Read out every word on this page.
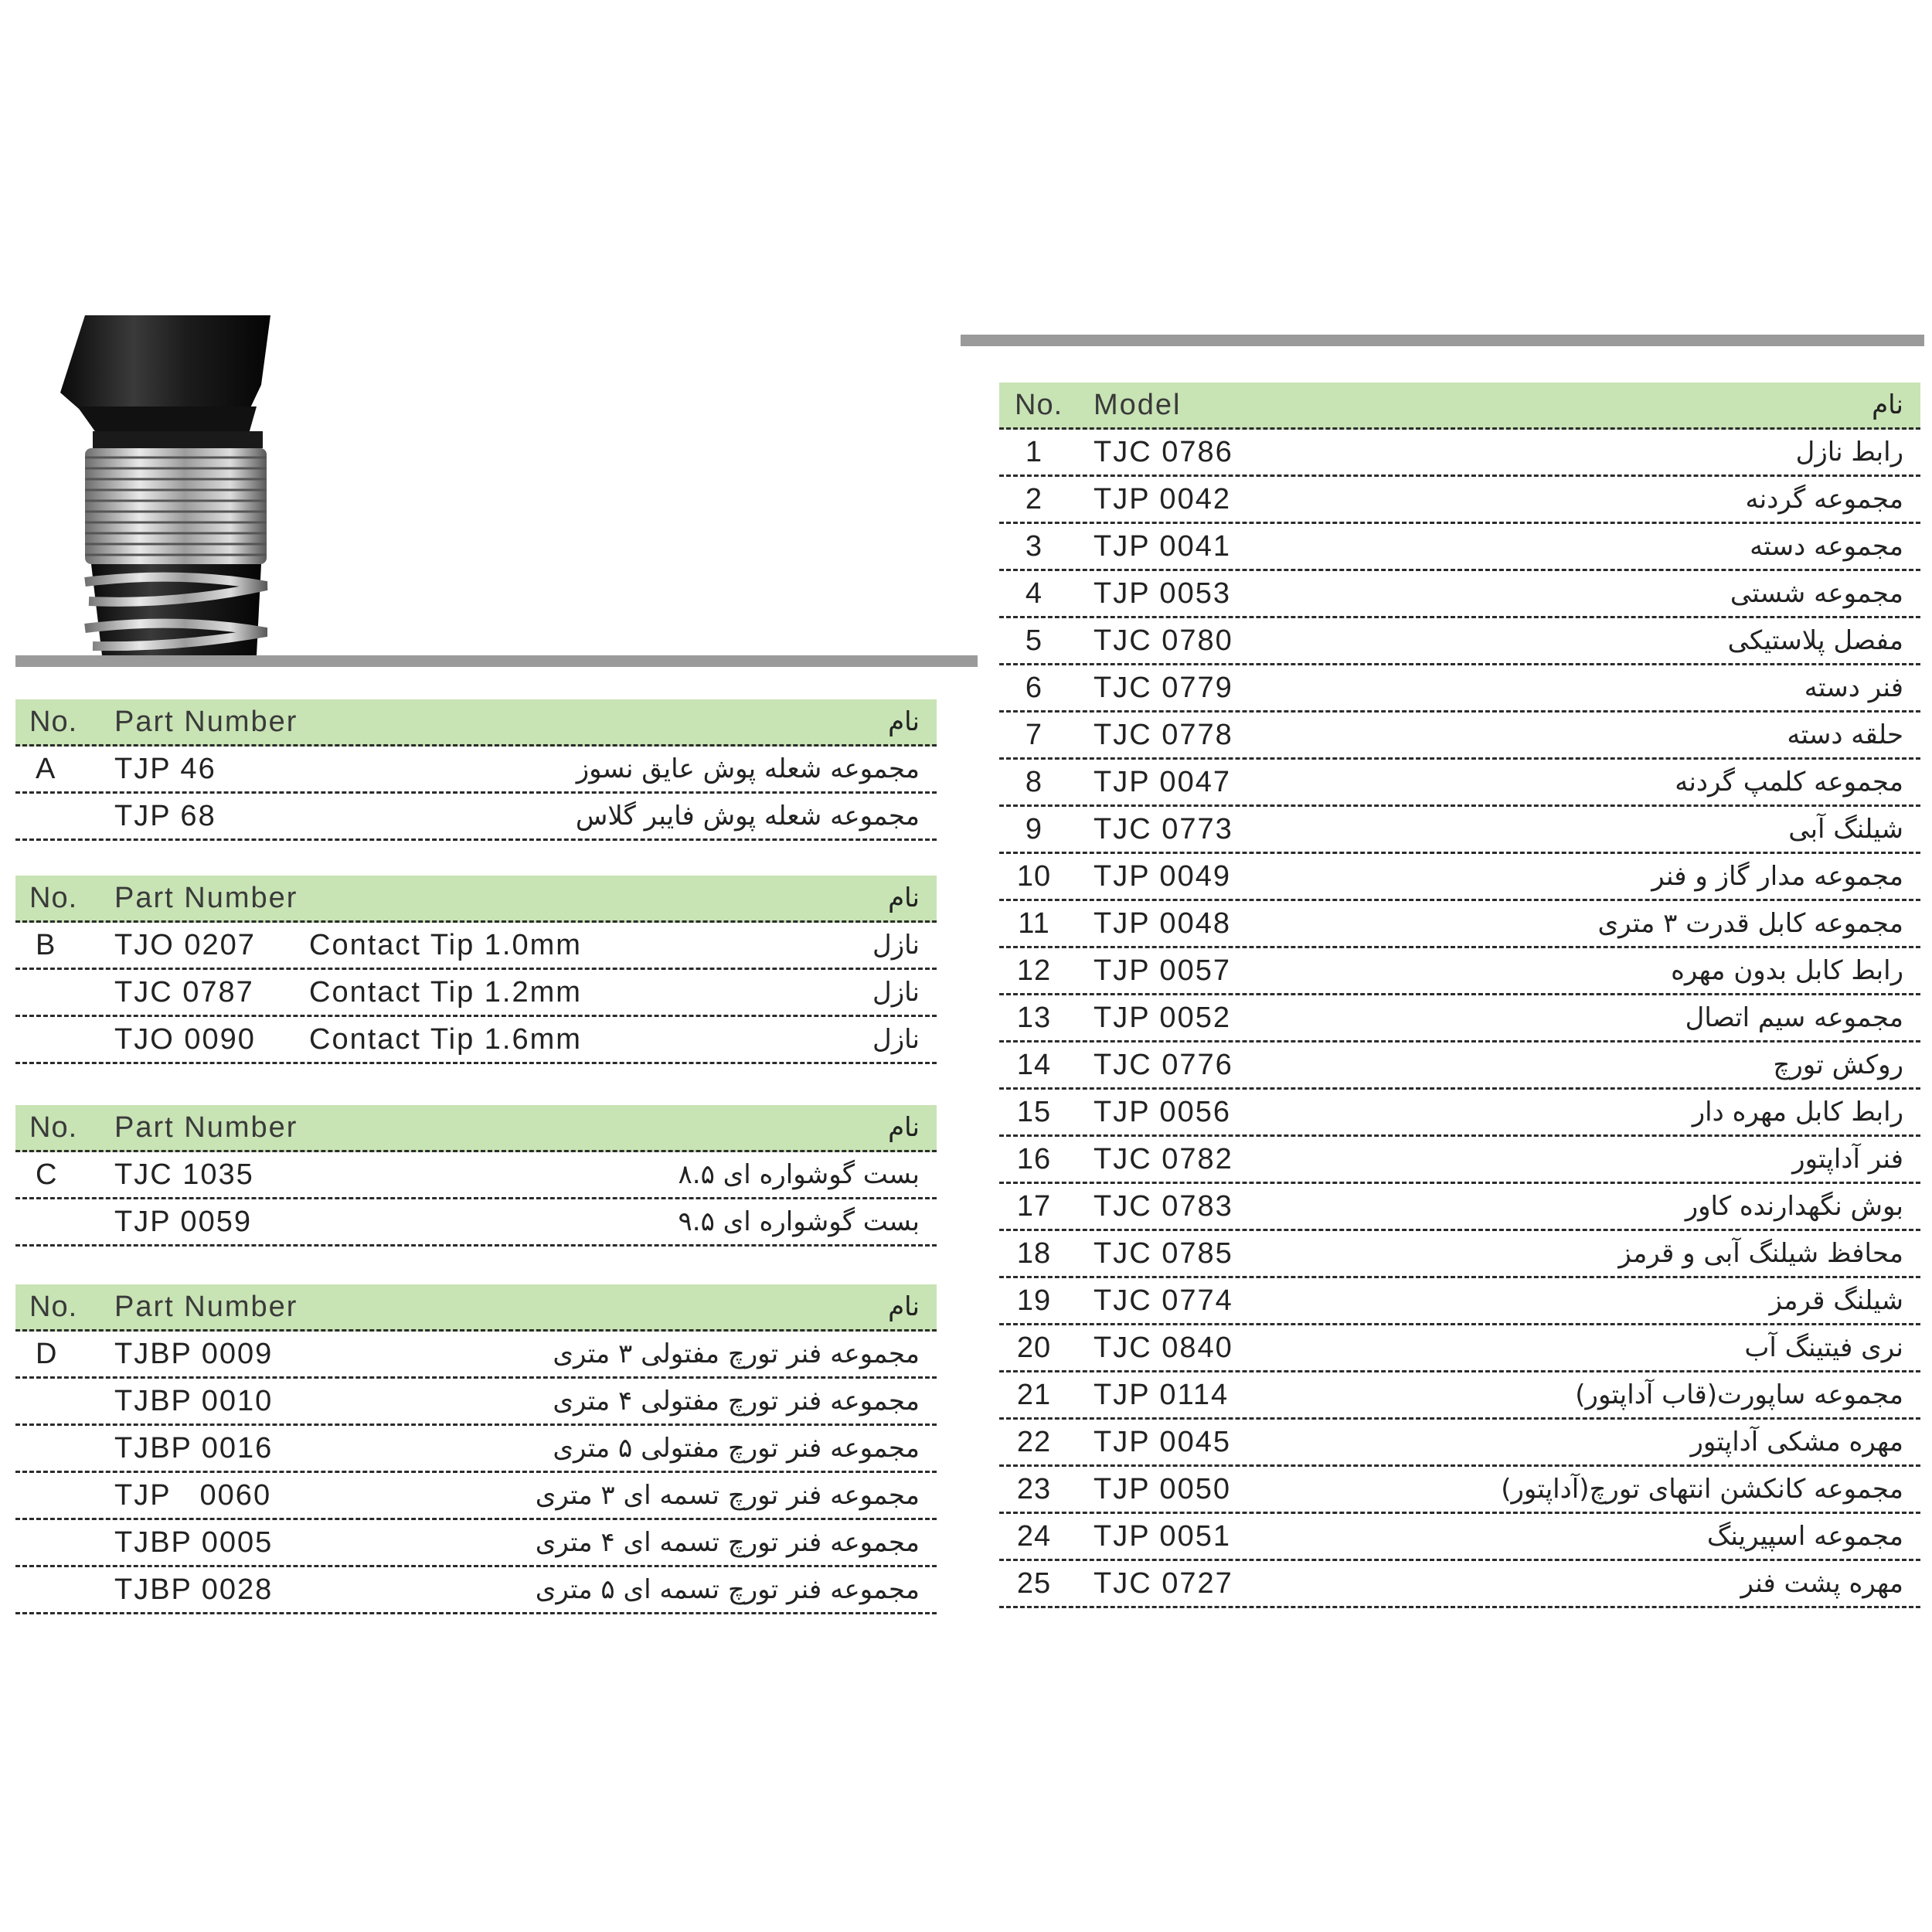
No. Part Number	نام
A TJP 46	مجموعه شعله پوش عایق نسوز
TJP 68	مجموعه شعله پوش فایبر گلاس
No. Part Number	نام
B TJO 0207 Contact Tip 1.0mm	نازل
TJC 0787 Contact Tip 1.2mm	نازل
TJO 0090 Contact Tip 1.6mm	نازل
No. Part Number	نام
C TJC 1035	بست گوشواره ای ۸.۵
TJP 0059	بست گوشواره ای ۹.۵
No. Part Number	نام
D TJBP 0009	مجموعه فنر تورچ مفتولی ۳ متری
TJBP 0010	مجموعه فنر تورچ مفتولی ۴ متری
TJBP 0016	مجموعه فنر تورچ مفتولی ۵ متری
TJP   0060	مجموعه فنر تورچ تسمه ای ۳ متری
TJBP 0005	مجموعه فنر تورچ تسمه ای ۴ متری
TJBP 0028	مجموعه فنر تورچ تسمه ای ۵ متری
No. Model	نام
1	TJC 0786	رابط نازل
2	TJP 0042	مجموعه گردنه
3	TJP 0041	مجموعه دسته
4	TJP 0053	مجموعه شستی
5	TJC 0780	مفصل پلاستیکی
6	TJC 0779	فنر دسته
7	TJC 0778	حلقه دسته
8	TJP 0047	مجموعه کلمپ گردنه
9	TJC 0773	شیلنگ آبی
10 TJP 0049	مجموعه مدار گاز و فنر
11 TJP 0048	مجموعه کابل قدرت ۳ متری
12 TJP 0057	رابط کابل بدون مهره
13 TJP 0052	مجموعه سیم اتصال
14 TJC 0776	روکش تورچ
15 TJP 0056	رابط کابل مهره دار
16 TJC 0782	فنر آداپتور
17 TJC 0783	بوش نگهدارنده کاور
18 TJC 0785	محافظ شیلنگ آبی و قرمز
19 TJC 0774	شیلنگ قرمز
20 TJC 0840	نری فیتینگ آب
21 TJP 0114	مجموعه ساپورت(قاب آداپتور)
22 TJP 0045	مهره مشکی آداپتور
23 TJP 0050	مجموعه کانکشن انتهای تورچ(آداپتور)
24 TJP 0051	مجموعه اسپیرینگ
25 TJC 0727	مهره پشت فنر
